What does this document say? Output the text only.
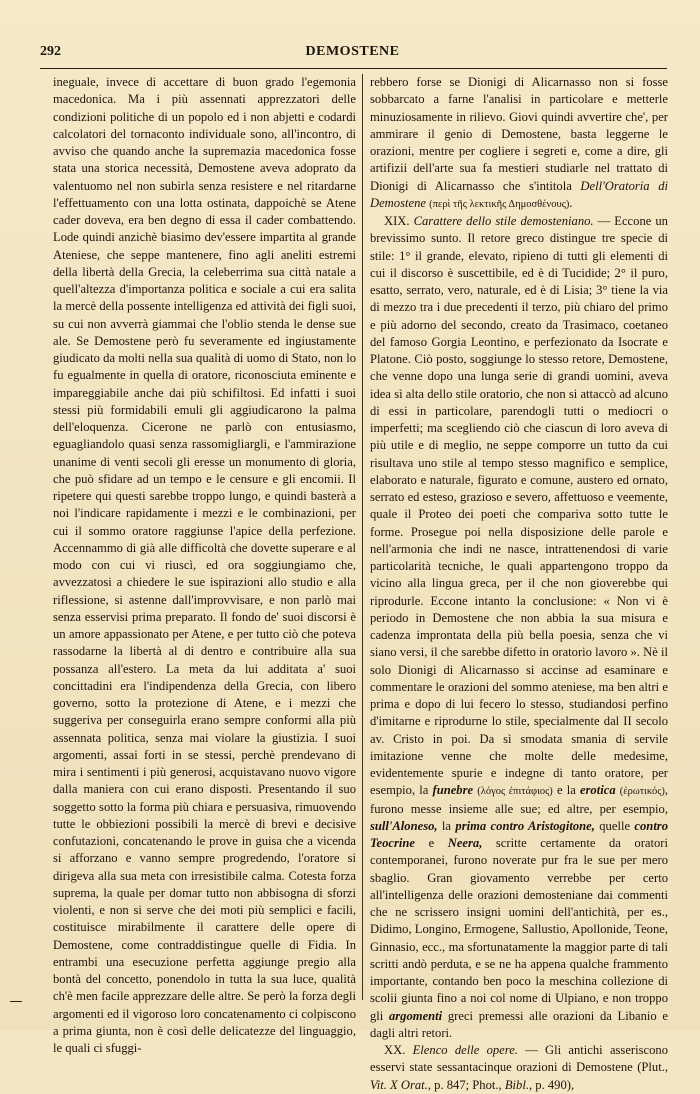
292	DEMOSTENE

ineguale, invece di accettare di buon grado l'egemonia macedonica. Ma i più assennati apprezzatori delle condizioni politiche di un popolo ed i non abjetti e codardi calcolatori del tornaconto individuale sono, all'incontro, di avviso che quando anche la supremazia macedonica fosse stata una storica necessità, Demostene aveva adoprato da valentuomo nel non subirla senza resistere e nel ritardarne l'effettuamento con una lotta ostinata, dappoichè se Atene cader doveva, era ben degno di essa il cader combattendo. Lode quindi anzichè biasimo dev'essere impartita al grande Ateniese, che seppe mantenere, fino agli aneliti estremi della libertà della Grecia, la celeberrima sua città natale a quell'altezza d'importanza politica e sociale a cui era salita la mercè della possente intelligenza ed attività dei figli suoi, su cui non avverrà giammai che l'oblio stenda le dense sue ale. Se Demostene però fu severamente ed ingiustamente giudicato da molti nella sua qualità di uomo di Stato, non lo fu egualmente in quella di oratore, riconosciuta eminente e impareggiabile anche dai più schifiltosi. Ed infatti i suoi stessi più formidabili emuli gli aggiudicarono la palma dell'eloquenza. Cicerone ne parlò con entusiasmo, eguagliandolo quasi senza rassomigliargli, e l'ammirazione unanime di venti secoli gli eresse un monumento di gloria, che può sfidare ad un tempo e le censure e gli encomii. Il ripetere qui questi sarebbe troppo lungo, e quindi basterà a noi l'indicare rapidamente i mezzi e le combinazioni, per cui il sommo oratore raggiunse l'apice della perfezione. Accennammo di già alle difficoltà che dovette superare e al modo con cui vi riuscì, ed ora soggiungiamo che, avvezzatosi a chiedere le sue ispirazioni allo studio e alla riflessione, si astenne dall'improvvisare, e non parlò mai senza esservisi prima preparato. Il fondo de' suoi discorsi è un amore appassionato per Atene, e per tutto ciò che poteva rassodarne la libertà al di dentro e contribuire alla sua possanza all'estero. La meta da lui additata a' suoi concittadini era l'indipendenza della Grecia, con libero governo, sotto la protezione di Atene, e i mezzi che suggeriva per conseguirla erano sempre conformi alla più assennata politica, senza mai violare la giustizia. I suoi argomenti, assai forti in se stessi, perchè prendevano di mira i sentimenti i più generosi, acquistavano nuovo vigore dalla maniera con cui erano disposti. Presentando il suo soggetto sotto la forma più chiara e persuasiva, rimuovendo tutte le obbiezioni possibili la mercè di brevi e decisive confutazioni, concatenando le prove in guisa che a vicenda si afforzano e vanno sempre progredendo, l'oratore si dirigeva alla sua meta con irresistibile calma. Cotesta forza suprema, la quale per domar tutto non abbisogna di sforzi violenti, e non si serve che dei moti più semplici e facili, costituisce mirabilmente il carattere delle opere di Demostene, come contraddistingue quelle di Fidia. In entrambi una esecuzione perfetta aggiunge pregio alla bontà del concetto, ponendolo in tutta la sua luce, qualità ch'è men facile apprezzare delle altre. Se però la forza degli argomenti ed il vigoroso loro concatenamento ci colpiscono a prima giunta, non è così delle delicatezze del linguaggio, le quali ci sfuggi-

rebbero forse se Dionigi di Alicarnasso non si fosse sobbarcato a farne l'analisi in particolare e metterle minuziosamente in rilievo. Giovi quindi avvertire che', per ammirare il genio di Demostene, basta leggerne le orazioni, mentre per cogliere i segreti e, come a dire, gli artifizii dell'arte sua fa mestieri studiarle nel trattato di Dionigi di Alicarnasso che s'intitola Dell'Oratoria di Demostene (περὶ τῆς λεκτικῆς Δημοσθένους).

XIX. Carattere dello stile demosteniano. — Eccone un brevissimo sunto. Il retore greco distingue tre specie di stile: 1° il grande, elevato, ripieno di tutti gli elementi di cui il discorso è suscettibile, ed è di Tucidide; 2° il puro, esatto, serrato, vero, naturale, ed è di Lisia; 3° tiene la via di mezzo tra i due precedenti il terzo, più chiaro del primo e più adorno del secondo, creato da Trasimaco, coetaneo del famoso Gorgia Leontino, e perfezionato da Isocrate e Platone. Ciò posto, soggiunge lo stesso retore, Demostene, che venne dopo una lunga serie di grandi uomini, aveva idea sì alta dello stile oratorio, che non si attaccò ad alcuno di essi in particolare, parendogli tutti o mediocri o imperfetti; ma scegliendo ciò che ciascun di loro aveva di più utile e di meglio, ne seppe comporre un tutto da cui risultava uno stile al tempo stesso magnifico e semplice, elaborato e naturale, figurato e comune, austero ed ornato, serrato ed esteso, grazioso e severo, affettuoso e veemente, quale il Proteo dei poeti che compariva sotto tutte le forme. Prosegue poi nella disposizione delle parole e nell'armonia che indi ne nasce, intrattenendosi di varie particolarità tecniche, le quali appartengono troppo da vicino alla lingua greca, per il che non gioverebbe qui riprodurle. Eccone intanto la conclusione: « Non vi è periodo in Demostene che non abbia la sua misura e cadenza improntata della più bella poesia, senza che vi siano versi, il che sarebbe difetto in oratorio lavoro ». Nè il solo Dionigi di Alicarnasso si accinse ad esaminare e commentare le orazioni del sommo ateniese, ma ben altri e prima e dopo di lui fecero lo stesso, studiandosi perfino d'imitarne e riprodurne lo stile, specialmente dal II secolo av. Cristo in poi. Da sì smodata smania di servile imitazione venne che molte delle medesime, evidentemente spurie e indegne di tanto oratore, per esempio, la funebre (λόγος ἐπιτάφιος) e la erotica (ἐρωτικός), furono messe insieme alle sue; ed altre, per esempio, sull'Aloneso, la prima contro Aristogitone, quelle contro Teocrine e Neera, scritte certamente da oratori contemporanei, furono noverate pur fra le sue per mero sbaglio. Gran giovamento verrebbe per certo all'intelligenza delle orazioni demosteniane dai commenti che ne scrissero insigni uomini dell'antichità, per es., Didimo, Longino, Ermogene, Sallustio, Apollonide, Teone, Ginnasio, ecc., ma sfortunatamente la maggior parte di tali scritti andò perduta, e se ne ha appena qualche frammento importante, contando ben poco la meschina collezione di scolii giunta fino a noi col nome di Ulpiano, e non troppo gli argomenti greci premessi alle orazioni da Libanio e dagli altri retori.

XX. Elenco delle opere. — Gli antichi asseriscono esservi state sessantacinque orazioni di Demostene (Plut., Vit. X Orat., p. 847; Phot., Bibl., p. 490),
